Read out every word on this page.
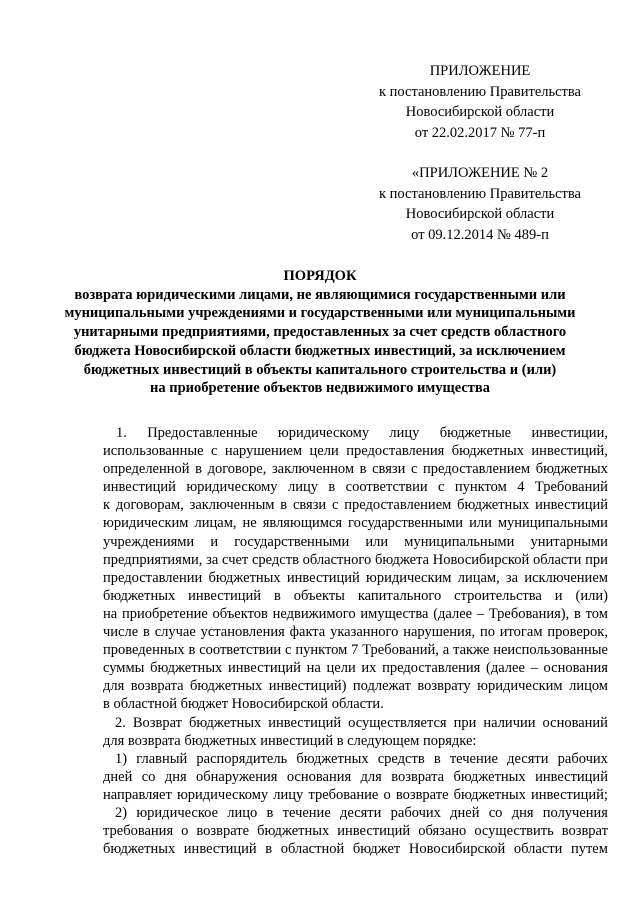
ПРИЛОЖЕНИЕ
к постановлению Правительства
Новосибирской области
от 22.02.2017 № 77-п
«ПРИЛОЖЕНИЕ № 2
к постановлению Правительства
Новосибирской области
от 09.12.2014 № 489-п
ПОРЯДОК
возврата юридическими лицами, не являющимися государственными или
муниципальными учреждениями и государственными или муниципальными
унитарными предприятиями, предоставленных за счет средств областного
бюджета Новосибирской области бюджетных инвестиций, за исключением
бюджетных инвестиций в объекты капитального строительства и (или)
на приобретение объектов недвижимого имущества
1. Предоставленные юридическому лицу бюджетные инвестиции,
использованные с нарушением цели предоставления бюджетных инвестиций,
определенной в договоре, заключенном в связи с предоставлением бюджетных
инвестиций юридическому лицу в соответствии с пунктом 4 Требований
к договорам, заключенным в связи с предоставлением бюджетных инвестиций
юридическим лицам, не являющимся государственными или муниципальными
учреждениями и государственными или муниципальными унитарными
предприятиями, за счет средств областного бюджета Новосибирской области при
предоставлении бюджетных инвестиций юридическим лицам, за исключением
бюджетных инвестиций в объекты капитального строительства и (или)
на приобретение объектов недвижимого имущества (далее – Требования), в том
числе в случае установления факта указанного нарушения, по итогам проверок,
проведенных в соответствии с пунктом 7 Требований, а также неиспользованные
суммы бюджетных инвестиций на цели их предоставления (далее – основания
для возврата бюджетных инвестиций) подлежат возврату юридическим лицом
в областной бюджет Новосибирской области.
2. Возврат бюджетных инвестиций осуществляется при наличии оснований
для возврата бюджетных инвестиций в следующем порядке:
1) главный распорядитель бюджетных средств в течение десяти рабочих
дней со дня обнаружения основания для возврата бюджетных инвестиций
направляет юридическому лицу требование о возврате бюджетных инвестиций;
2) юридическое лицо в течение десяти рабочих дней со дня получения
требования о возврате бюджетных инвестиций обязано осуществить возврат
бюджетных инвестиций в областной бюджет Новосибирской области путем
